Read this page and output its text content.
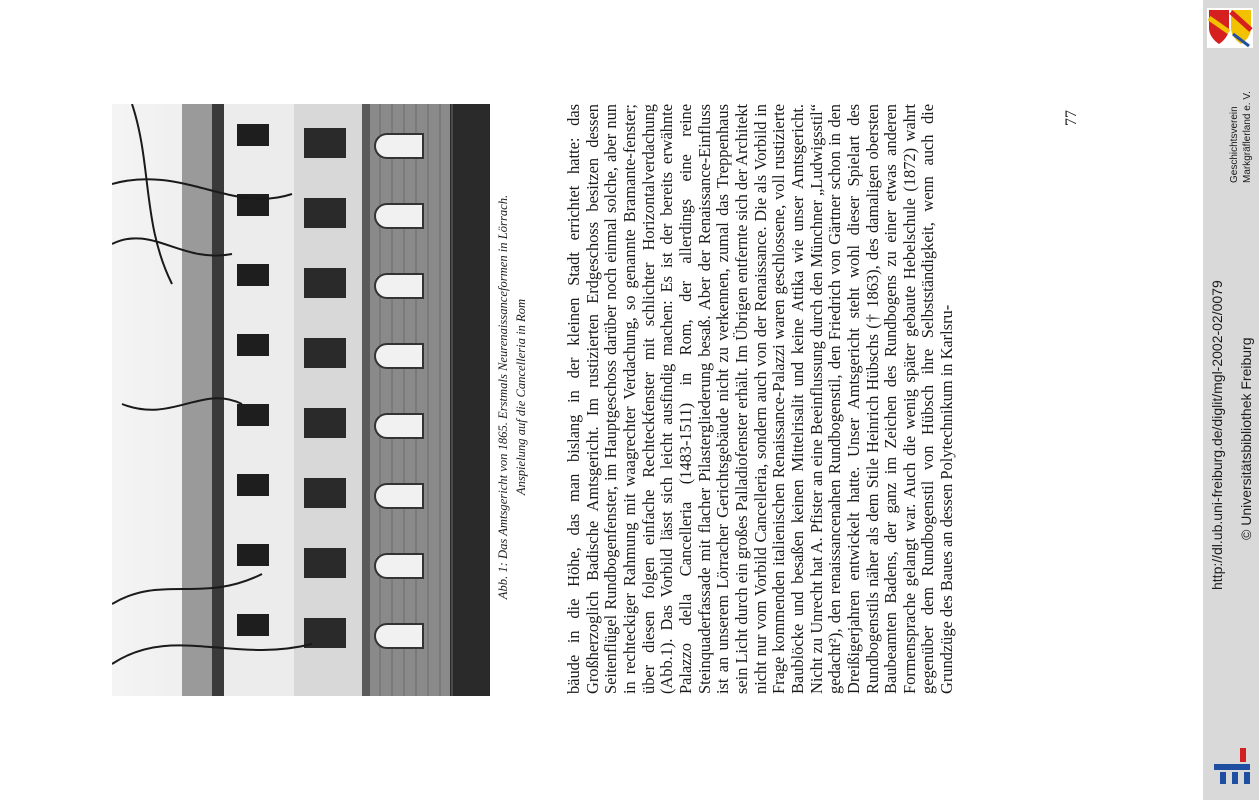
Abb. 1: Das Amtsgericht von 1865. Erstmals Neurenaissanceformen in Lörrach. Anspielung auf die Cancelleria in Rom bäude in die Höhe, das man bislang in der kleinen Stadt errichtet hatte: das Großherzoglich Badische Amtsgericht. Im rustizierten Erdgeschoss besitzen dessen Seitenflügel Rundbogenfenster, im Hauptgeschoss darüber noch einmal solche, aber nun in rechteckiger Rahmung mit waagrechter Verdachung, so genannte Bramante-fenster; über diesen folgen einfache Rechteckfenster mit schlichter Horizontalverdachung (Abb.1). Das Vorbild lässt sich leicht ausfindig machen: Es ist der bereits erwähnte Palazzo della Cancelleria (1483-1511) in Rom, der allerdings eine reine Steinquaderfassade mit flacher Pilastergliederung besaß. Aber der Renaissance-Einfluss ist an unserem Lörracher Gerichtsgebäude nicht zu verkennen, zumal das Treppenhaus sein Licht durch ein großes Palladiofenster erhält. Im Übrigen entfernte sich der Architekt nicht nur vom Vorbild Cancelleria, sondern auch von der Renaissance. Die als Vorbild in Frage kommenden italienischen Renaissance-Palazzi waren geschlossene, voll rustizierte Baublöcke und besaßen keinen Mittelrisalit und keine Attika wie unser Amtsgericht. Nicht zu Unrecht hat A. Pfister an eine Beeinflussung durch den Münchner „Ludwigsstil“ gedacht²), den renaissancenahen Rundbogenstil, den Friedrich von Gärtner schon in den Dreißigerjahren entwickelt hatte. Unser Amtsgericht steht wohl dieser Spielart des Rundbogenstils näher als dem Stile Heinrich Hübschs († 1863), des damaligen obersten Baubeamten Badens, der ganz im Zeichen des Rundbogens zu einer etwas anderen Formensprache gelangt war. Auch die wenig später gebaute Hebelschule (1872) wahrt gegenüber dem Rundbogenstil von Hübsch ihre Selbstständigkeit, wenn auch die Grundzüge des Baues an dessen Polytechnikum in Karlsru-

77	Geschichtsverein Markgräflerland e. V.
http://dl.ub.uni-freiburg.de/diglit/mgl-2002-02/0079 © Universitätsbibliothek Freiburg
